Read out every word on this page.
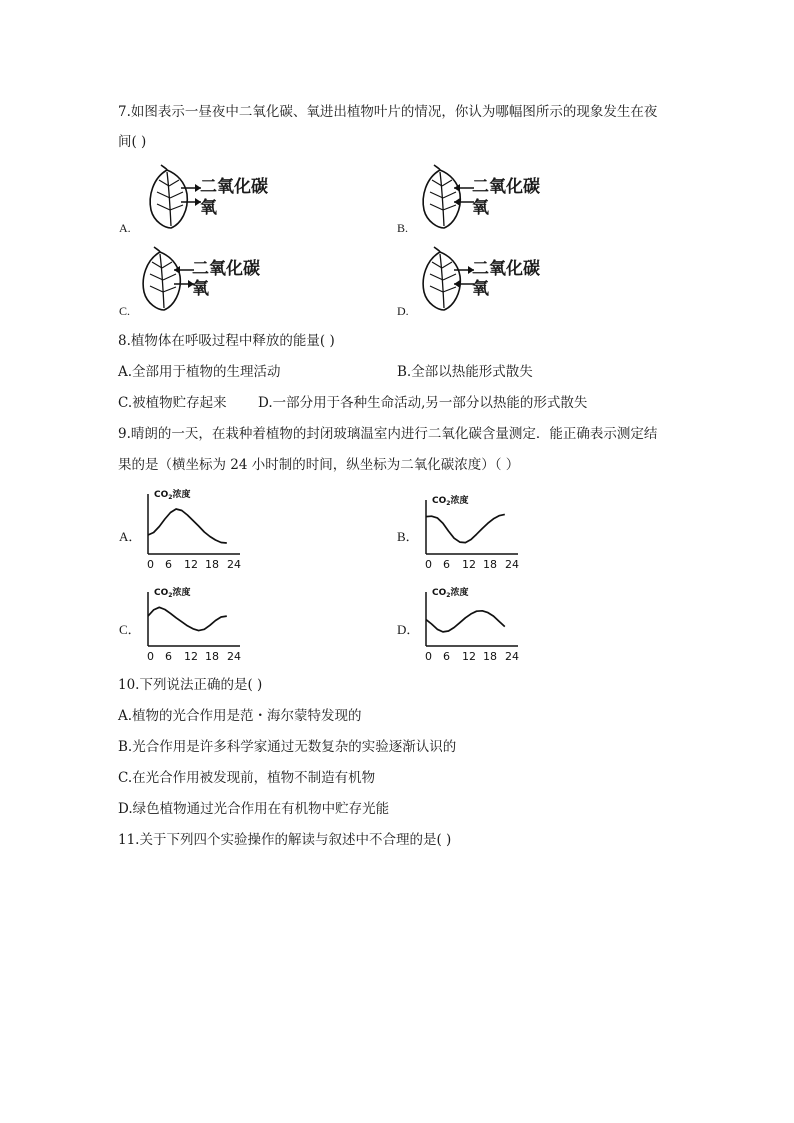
7.如图表示一昼夜中二氧化碳、氧进出植物叶片的情况，你认为哪幅图所示的现象发生在夜
间( )
A.
二氧化碳
氧
B.
二氧化碳
氧
C.
二氧化碳
氧
D.
二氧化碳
氧
8.植物体在呼吸过程中释放的能量( )
A.全部用于植物的生理活动	B.全部以热能形式散失
C.被植物贮存起来 D.一部分用于各种生命活动,另一部分以热能的形式散失
9.晴朗的一天，在栽种着植物的封闭玻璃温室内进行二氧化碳含量测定．能正确表示测定结
果的是（横坐标为 24 小时制的时间，纵坐标为二氧化碳浓度）（ ）
A．
$CO_2$浓度
0 6 12 18 24
B．
$CO_2$浓度
0 6 12 18 24
C．
$CO_2$浓度
0 6 12 18 24
D．
$CO_2$浓度
0 6 12 18 24
10.下列说法正确的是( )
A.植物的光合作用是范・海尔蒙特发现的
B.光合作用是许多科学家通过无数复杂的实验逐渐认识的
C.在光合作用被发现前，植物不制造有机物
D.绿色植物通过光合作用在有机物中贮存光能
11.关于下列四个实验操作的解读与叙述中不合理的是( )
